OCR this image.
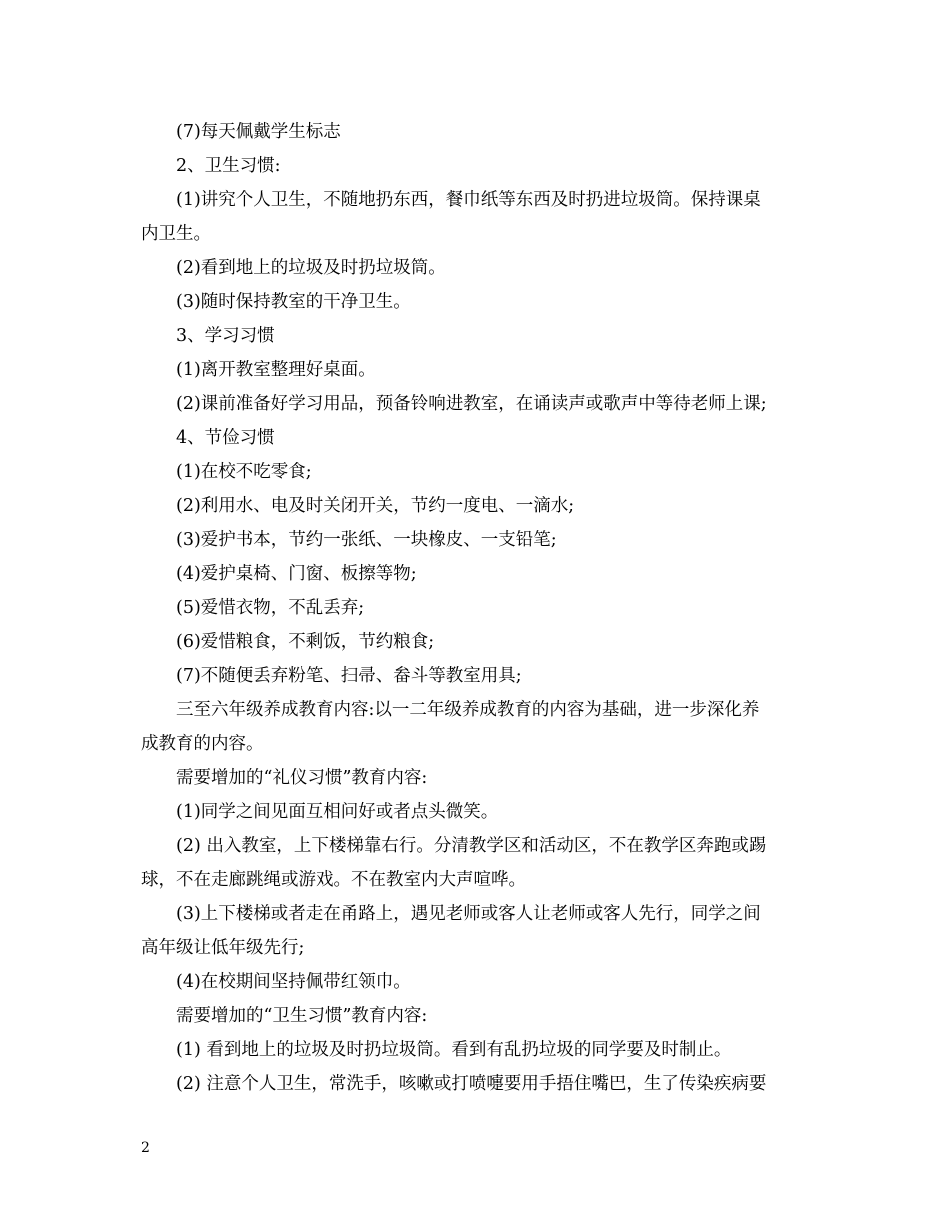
(7)每天佩戴学生标志
2、卫生习惯:
(1)讲究个人卫生，不随地扔东西，餐巾纸等东西及时扔进垃圾筒。保持课桌
内卫生。
(2)看到地上的垃圾及时扔垃圾筒。
(3)随时保持教室的干净卫生。
3、学习习惯
(1)离开教室整理好桌面。
(2)课前准备好学习用品，预备铃响进教室，在诵读声或歌声中等待老师上课;
4、节俭习惯
(1)在校不吃零食;
(2)利用水、电及时关闭开关，节约一度电、一滴水;
(3)爱护书本，节约一张纸、一块橡皮、一支铅笔;
(4)爱护桌椅、门窗、板擦等物;
(5)爱惜衣物，不乱丢弃;
(6)爱惜粮食，不剩饭，节约粮食;
(7)不随便丢弃粉笔、扫帚、畚斗等教室用具;
三至六年级养成教育内容:以一二年级养成教育的内容为基础，进一步深化养
成教育的内容。
需要增加的“礼仪习惯”教育内容:
(1)同学之间见面互相问好或者点头微笑。
(2) 出入教室，上下楼梯靠右行。分清教学区和活动区，不在教学区奔跑或踢
球，不在走廊跳绳或游戏。不在教室内大声喧哗。
(3)上下楼梯或者走在甬路上，遇见老师或客人让老师或客人先行，同学之间
高年级让低年级先行;
(4)在校期间坚持佩带红领巾。
需要增加的“卫生习惯”教育内容:
(1) 看到地上的垃圾及时扔垃圾筒。看到有乱扔垃圾的同学要及时制止。
(2) 注意个人卫生，常洗手，咳嗽或打喷嚏要用手捂住嘴巴，生了传染疾病要
2
